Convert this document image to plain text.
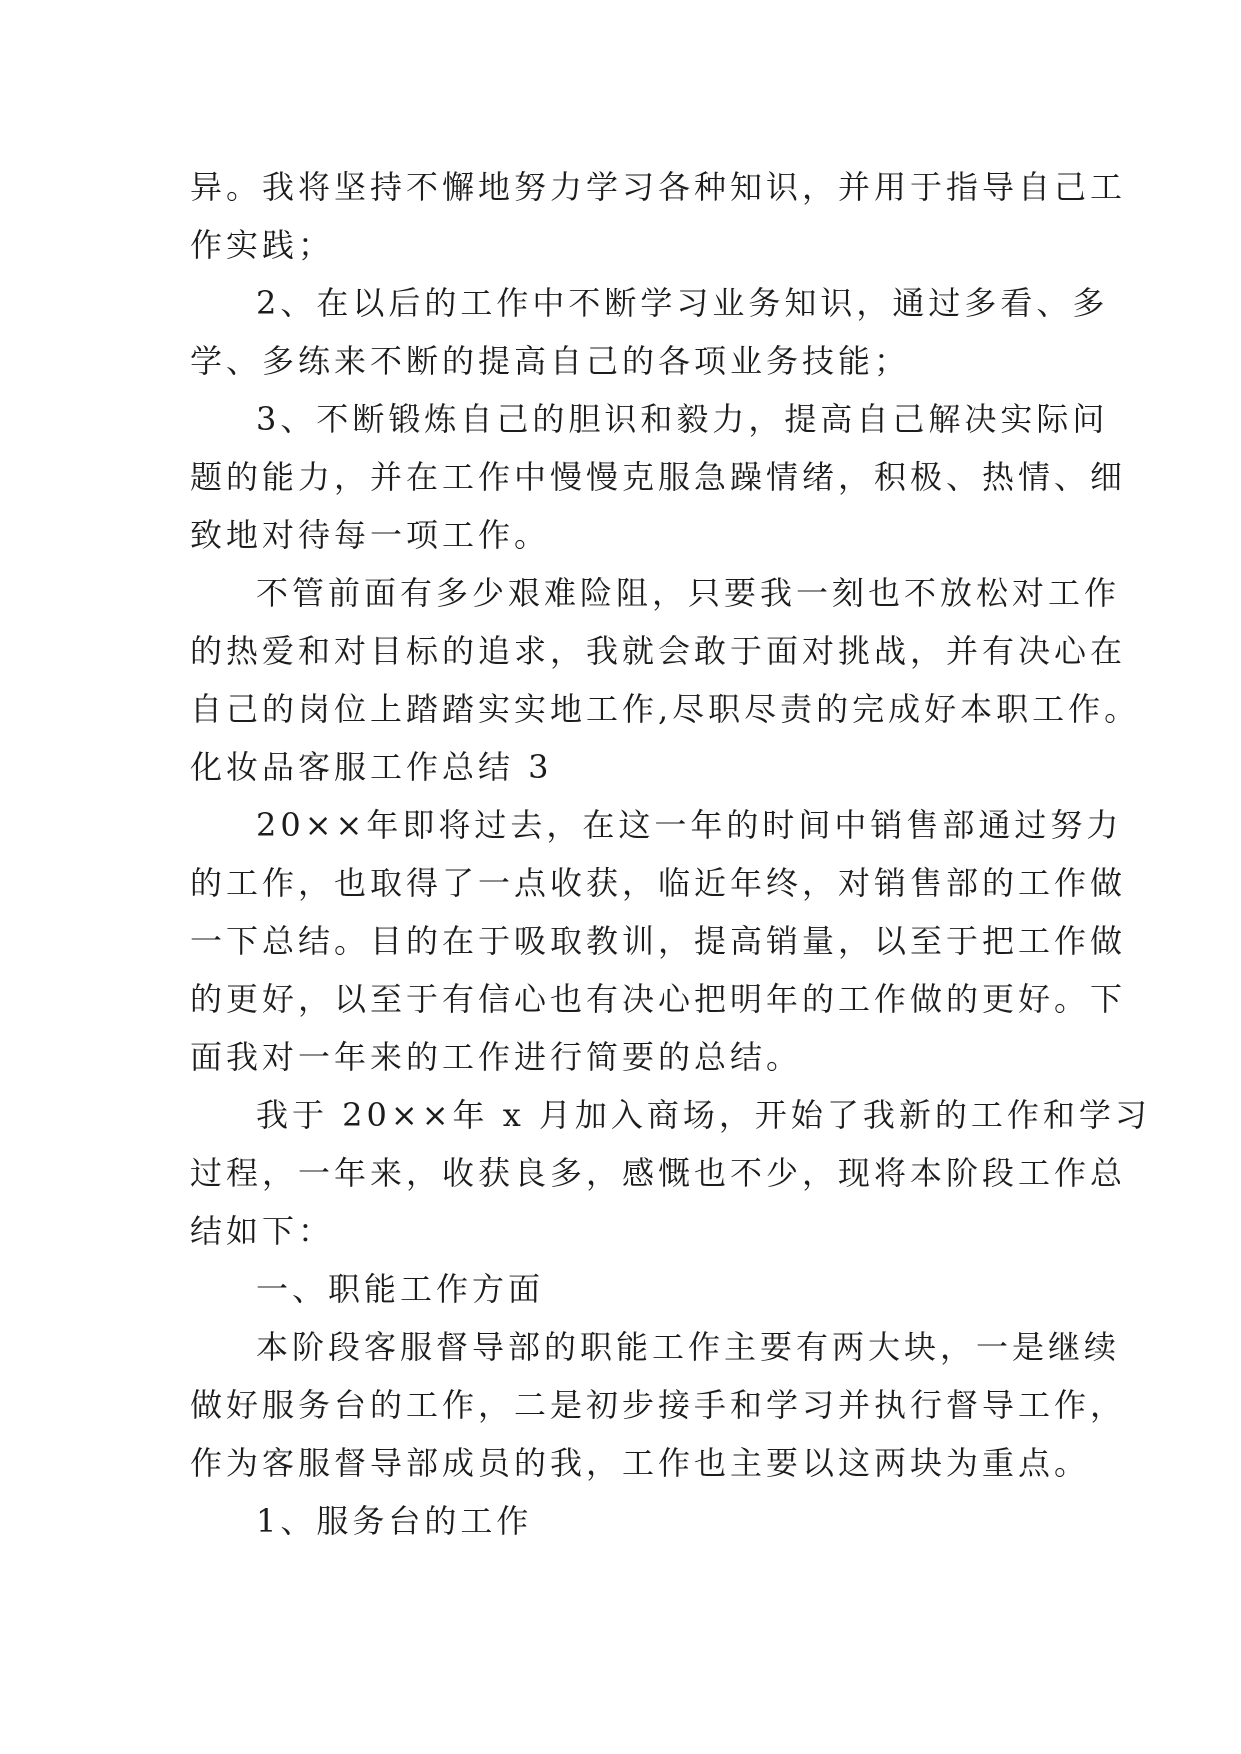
异。我将坚持不懈地努力学习各种知识，并用于指导自己工
作实践；
2、在以后的工作中不断学习业务知识，通过多看、多
学、多练来不断的提高自己的各项业务技能；
3、不断锻炼自己的胆识和毅力，提高自己解决实际问
题的能力，并在工作中慢慢克服急躁情绪，积极、热情、细
致地对待每一项工作。
不管前面有多少艰难险阻，只要我一刻也不放松对工作
的热爱和对目标的追求，我就会敢于面对挑战，并有决心在
自己的岗位上踏踏实实地工作,尽职尽责的完成好本职工作。
化妆品客服工作总结 3
20××年即将过去，在这一年的时间中销售部通过努力
的工作，也取得了一点收获，临近年终，对销售部的工作做
一下总结。目的在于吸取教训，提高销量，以至于把工作做
的更好，以至于有信心也有决心把明年的工作做的更好。下
面我对一年来的工作进行简要的总结。
我于 20××年 x 月加入商场，开始了我新的工作和学习
过程，一年来，收获良多，感慨也不少，现将本阶段工作总
结如下：
一、职能工作方面
本阶段客服督导部的职能工作主要有两大块，一是继续
做好服务台的工作，二是初步接手和学习并执行督导工作，
作为客服督导部成员的我，工作也主要以这两块为重点。
1、服务台的工作
